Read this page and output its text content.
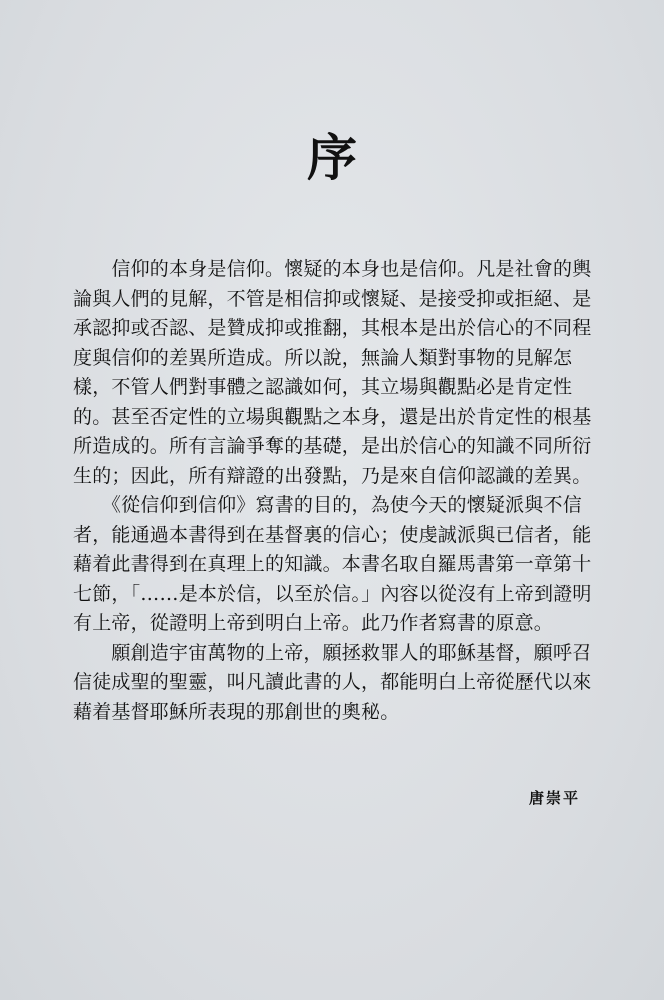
序
　　信仰的本身是信仰。懷疑的本身也是信仰。凡是社會的輿
論與人們的見解，不管是相信抑或懷疑、是接受抑或拒絕、是
承認抑或否認、是贊成抑或推翻，其根本是出於信心的不同程
度與信仰的差異所造成。所以說，無論人類對事物的見解怎
樣，不管人們對事體之認識如何，其立場與觀點必是肯定性
的。甚至否定性的立場與觀點之本身，還是出於肯定性的根基
所造成的。所有言論爭奪的基礎，是出於信心的知識不同所衍
生的；因此，所有辯證的出發點，乃是來自信仰認識的差異。
　　《從信仰到信仰》寫書的目的，為使今天的懷疑派與不信
者，能通過本書得到在基督裏的信心；使虔誠派與已信者，能
藉着此書得到在真理上的知識。本書名取自羅馬書第一章第十
七節，「……是本於信，以至於信。」內容以從沒有上帝到證明
有上帝，從證明上帝到明白上帝。此乃作者寫書的原意。
　　願創造宇宙萬物的上帝，願拯救罪人的耶穌基督，願呼召
信徒成聖的聖靈，叫凡讀此書的人，都能明白上帝從歷代以來
藉着基督耶穌所表現的那創世的奧秘。
唐崇平
